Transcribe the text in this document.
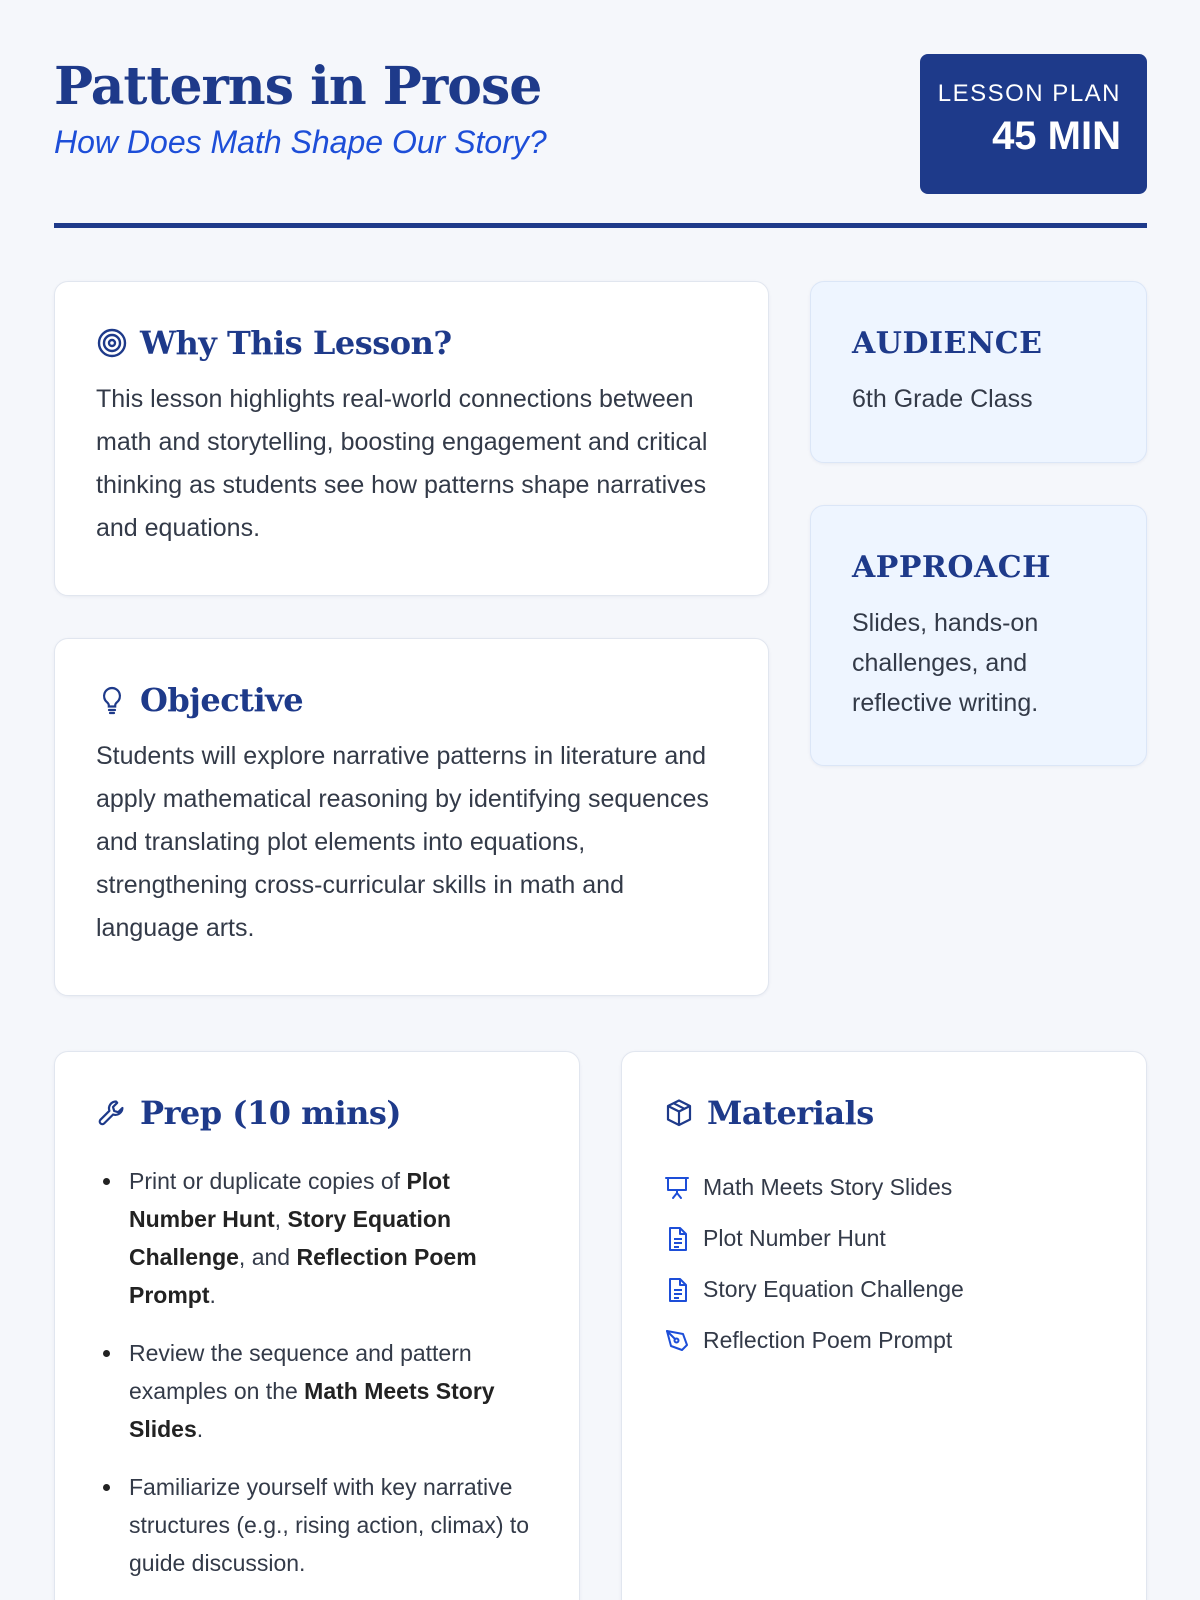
Patterns in Prose
How Does Math Shape Our Story?
LESSON PLAN
45 MIN
Why This Lesson?
This lesson highlights real-world connections between math and storytelling, boosting engagement and critical thinking as students see how patterns shape narratives and equations.
Objective
Students will explore narrative patterns in literature and apply mathematical reasoning by identifying sequences and translating plot elements into equations, strengthening cross-curricular skills in math and language arts.
AUDIENCE
6th Grade Class
APPROACH
Slides, hands-on challenges, and reflective writing.
Prep (10 mins)
Print or duplicate copies of Plot Number Hunt, Story Equation Challenge, and Reflection Poem Prompt.
Review the sequence and pattern examples on the Math Meets Story Slides.
Familiarize yourself with key narrative structures (e.g., rising action, climax) to guide discussion.
Materials
Math Meets Story Slides
Plot Number Hunt
Story Equation Challenge
Reflection Poem Prompt
